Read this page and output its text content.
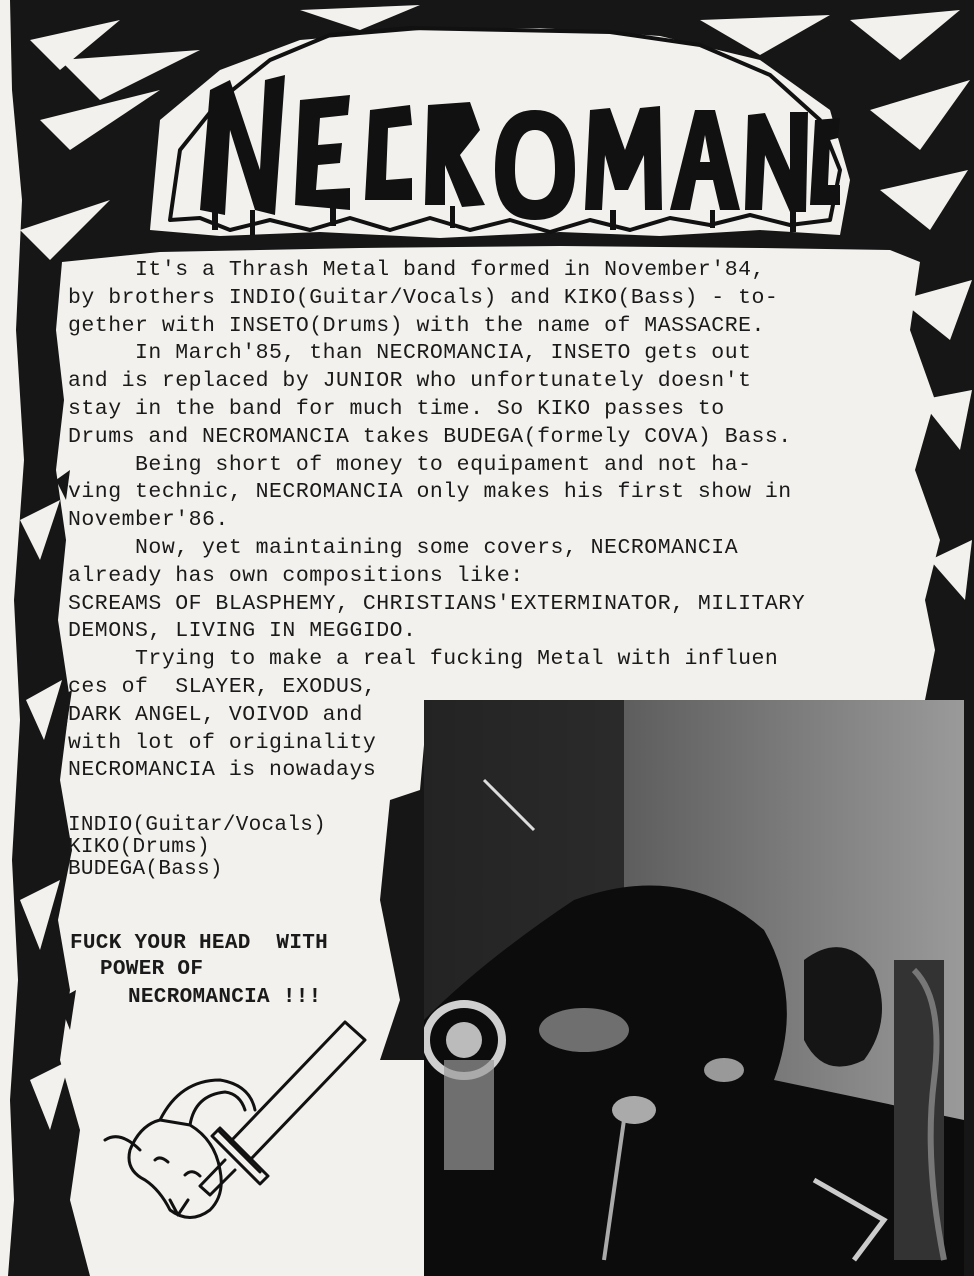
It's a Thrash Metal band formed in November'84,
by brothers INDIO(Guitar/Vocals) and KIKO(Bass) - to-
gether with INSETO(Drums) with the name of MASSACRE.
In March'85, than NECROMANCIA, INSETO gets out
and is replaced by JUNIOR who unfortunately doesn't
stay in the band for much time. So KIKO passes to
Drums and NECROMANCIA takes BUDEGA(formely COVA) Bass.
Being short of money to equipament and not ha-
ving technic, NECROMANCIA only makes his first show in
November'86.
Now, yet maintaining some covers, NECROMANCIA
already has own compositions like:
SCREAMS OF BLASPHEMY, CHRISTIANS'EXTERMINATOR, MILITARY
DEMONS, LIVING IN MEGGIDO.
Trying to make a real fucking Metal with influen
ces of  SLAYER, EXODUS,
DARK ANGEL, VOIVOD and
with lot of originality
NECROMANCIA is nowadays
INDIO(Guitar/Vocals)
KIKO(Drums)
BUDEGA(Bass)
FUCK YOUR HEAD  WITH
POWER OF
NECROMANCIA !!!
